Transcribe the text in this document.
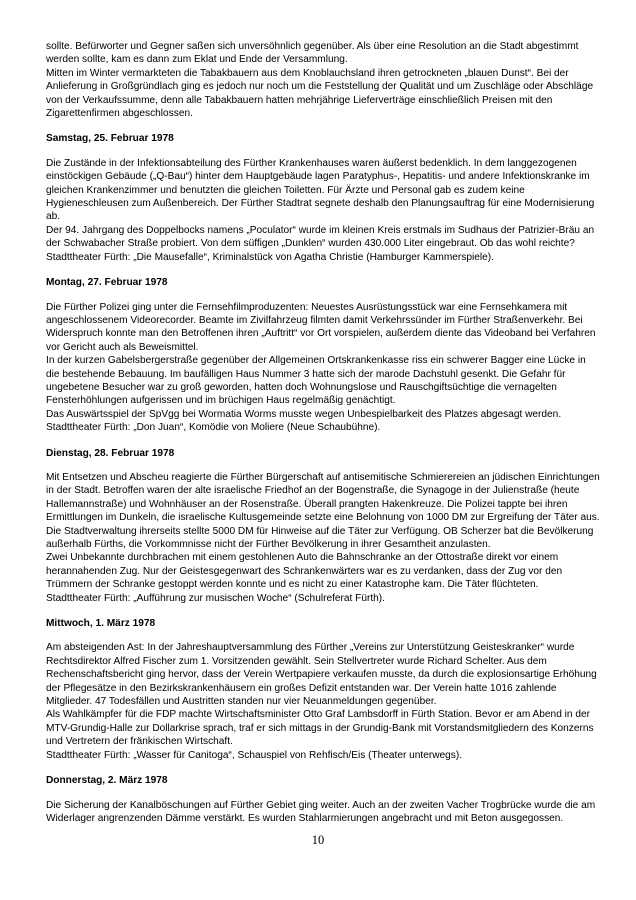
sollte. Befürworter und Gegner saßen sich unversöhnlich gegenüber. Als über eine Resolution an die Stadt abgestimmt werden sollte, kam es dann zum Eklat und Ende der Versammlung.

Mitten im Winter vermarkteten die Tabakbauern aus dem Knoblauchsland ihren getrockneten „blauen Dunst“. Bei der Anlieferung in Großgründlach ging es jedoch nur noch um die Feststellung der Qualität und um Zuschläge oder Abschläge von der Verkaufssumme, denn alle Tabakbauern hatten mehrjährige Lieferverträge einschließlich Preisen mit den Zigarettenfirmen abgeschlossen.

Samstag, 25. Februar 1978

Die Zustände in der Infektionsabteilung des Fürther Krankenhauses waren äußerst bedenklich. In dem langgezogenen einstöckigen Gebäude („Q-Bau“) hinter dem Hauptgebäude lagen Paratyphus-, Hepatitis- und andere Infektionskranke im gleichen Krankenzimmer und benutzten die gleichen Toiletten. Für Ärzte und Personal gab es zudem keine Hygieneschleusen zum Außenbereich. Der Fürther Stadtrat segnete deshalb den Planungsauftrag für eine Modernisierung ab.

Der 94. Jahrgang des Doppelbocks namens „Poculator“ wurde im kleinen Kreis erstmals im Sudhaus der Patrizier-Bräu an der Schwabacher Straße probiert. Von dem süffigen „Dunklen“ wurden 430.000 Liter eingebraut. Ob das wohl reichte?

Stadttheater Fürth: „Die Mausefalle“, Kriminalstück von Agatha Christie (Hamburger Kammerspiele).

Montag, 27. Februar 1978

Die Fürther Polizei ging unter die Fernsehfilmproduzenten: Neuestes Ausrüstungsstück war eine Fernsehkamera mit angeschlossenem Videorecorder. Beamte im Zivilfahrzeug filmten damit Verkehrssünder im Fürther Straßenverkehr. Bei Widerspruch konnte man den Betroffenen ihren „Auftritt“ vor Ort vorspielen, außerdem diente das Videoband bei Verfahren vor Gericht auch als Beweismittel.

In der kurzen Gabelsbergerstraße gegenüber der Allgemeinen Ortskrankenkasse riss ein schwerer Bagger eine Lücke in die bestehende Bebauung. Im baufälligen Haus Nummer 3 hatte sich der marode Dachstuhl gesenkt. Die Gefahr für ungebetene Besucher war zu groß geworden, hatten doch Wohnungslose und Rauschgiftsüchtige die vernagelten Fensterhöhlungen aufgerissen und im brüchigen Haus regelmäßig genächtigt.

Das Auswärtsspiel der SpVgg bei Wormatia Worms musste wegen Unbespielbarkeit des Platzes abgesagt werden.

Stadttheater Fürth: „Don Juan“, Komödie von Moliere (Neue Schaubühne).

Dienstag, 28. Februar 1978

Mit Entsetzen und Abscheu reagierte die Fürther Bürgerschaft auf antisemitische Schmierereien an jüdischen Einrichtungen in der Stadt. Betroffen waren der alte israelische Friedhof an der Bogenstraße, die Synagoge in der Julienstraße (heute Hallemannstraße) und Wohnhäuser an der Rosenstraße. Überall prangten Hakenkreuze. Die Polizei tappte bei ihren Ermittlungen im Dunkeln, die israelische Kultusgemeinde setzte eine Belohnung von 1000 DM zur Ergreifung der Täter aus. Die Stadtverwaltung ihrerseits stellte 5000 DM für Hinweise auf die Täter zur Verfügung. OB Scherzer bat die Bevölkerung außerhalb Fürths, die Vorkommnisse nicht der Fürther Bevölkerung in ihrer Gesamtheit anzulasten.

Zwei Unbekannte durchbrachen mit einem gestohlenen Auto die Bahnschranke an der Ottostraße direkt vor einem herannahenden Zug. Nur der Geistesgegenwart des Schrankenwärters war es zu verdanken, dass der Zug vor den Trümmern der Schranke gestoppt werden konnte und es nicht zu einer Katastrophe kam. Die Täter flüchteten.

Stadttheater Fürth: „Aufführung zur musischen Woche“ (Schulreferat Fürth).

Mittwoch, 1. März 1978

Am absteigenden Ast: In der Jahreshauptversammlung des Fürther „Vereins zur Unterstützung Geisteskranker“ wurde Rechtsdirektor Alfred Fischer zum 1. Vorsitzenden gewählt. Sein Stellvertreter wurde Richard Schelter. Aus dem Rechenschaftsbericht ging hervor, dass der Verein Wertpapiere verkaufen musste, da durch die explosionsartige Erhöhung der Pflegesätze in den Bezirkskrankenhäusern ein großes Defizit entstanden war. Der Verein hatte 1016 zahlende Mitglieder. 47 Todesfällen und Austritten standen nur vier Neuanmeldungen gegenüber.

Als Wahlkämpfer für die FDP machte Wirtschaftsminister Otto Graf Lambsdorff in Fürth Station. Bevor er am Abend in der MTV-Grundig-Halle zur Dollarkrise sprach, traf er sich mittags in der Grundig-Bank mit Vorstandsmitgliedern des Konzerns und Vertretern der fränkischen Wirtschaft.

Stadttheater Fürth: „Wasser für Canitoga“, Schauspiel von Rehfisch/Eis (Theater unterwegs).

Donnerstag, 2. März 1978

Die Sicherung der Kanalböschungen auf Fürther Gebiet ging weiter. Auch an der zweiten Vacher Trogbrücke wurde die am Widerlager angrenzenden Dämme verstärkt. Es wurden Stahlarmierungen angebracht und mit Beton ausgegossen.

10
